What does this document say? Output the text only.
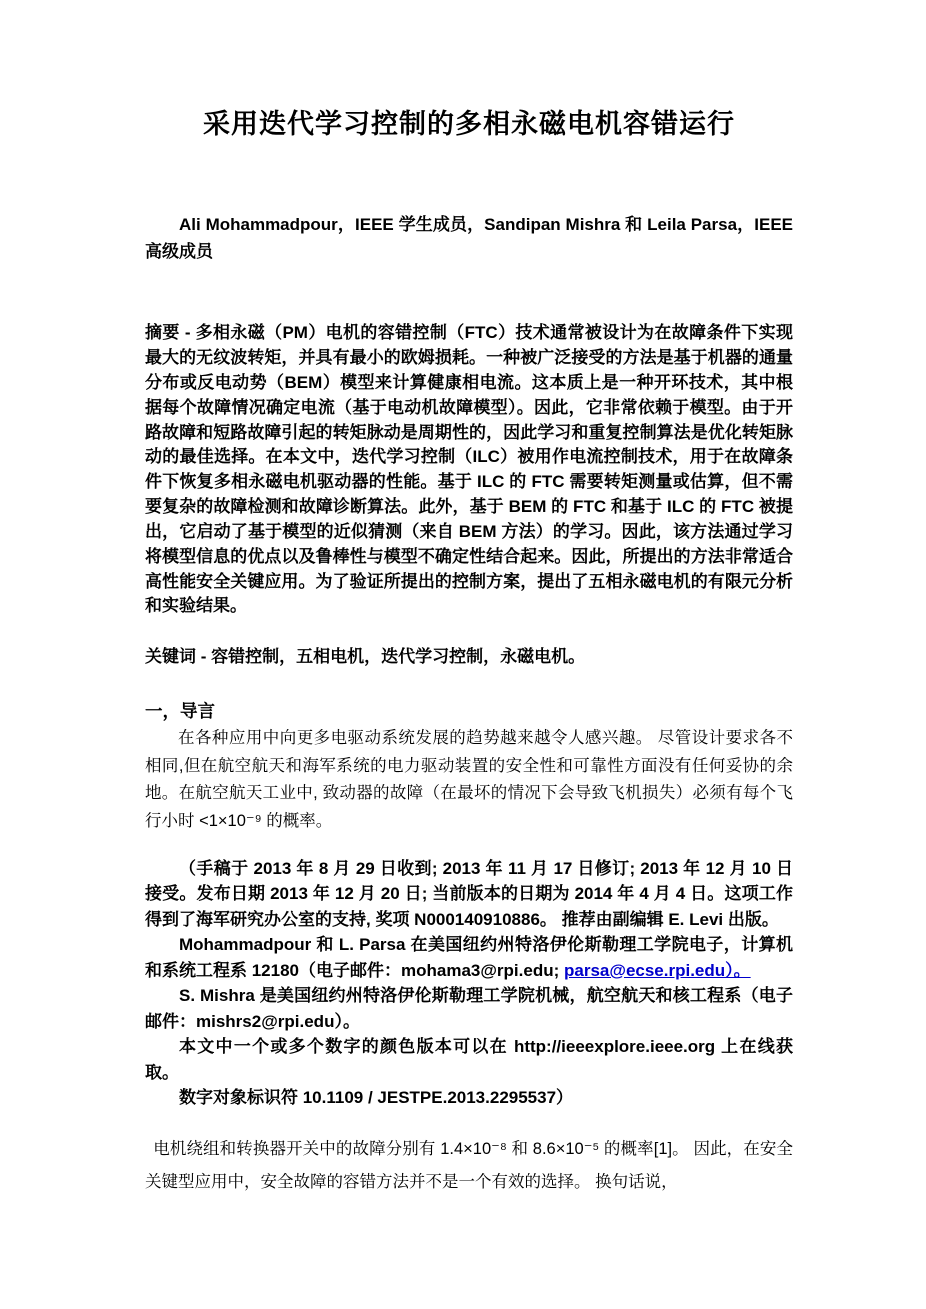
采用迭代学习控制的多相永磁电机容错运行

Ali Mohammadpour，IEEE 学生成员，Sandipan Mishra 和 Leila Parsa，IEEE 高级成员

摘要 - 多相永磁（PM）电机的容错控制（FTC）技术通常被设计为在故障条件下实现最大的无纹波转矩，并具有最小的欧姆损耗。一种被广泛接受的方法是基于机器的通量分布或反电动势（BEM）模型来计算健康相电流。这本质上是一种开环技术，其中根据每个故障情况确定电流（基于电动机故障模型）。因此，它非常依赖于模型。由于开路故障和短路故障引起的转矩脉动是周期性的，因此学习和重复控制算法是优化转矩脉动的最佳选择。在本文中，迭代学习控制（ILC）被用作电流控制技术，用于在故障条件下恢复多相永磁电机驱动器的性能。基于 ILC 的 FTC 需要转矩测量或估算，但不需要复杂的故障检测和故障诊断算法。此外，基于 BEM 的 FTC 和基于 ILC 的 FTC 被提出，它启动了基于模型的近似猜测（来自 BEM 方法）的学习。因此，该方法通过学习将模型信息的优点以及鲁棒性与模型不确定性结合起来。因此，所提出的方法非常适合高性能安全关键应用。为了验证所提出的控制方案，提出了五相永磁电机的有限元分析和实验结果。

关键词 - 容错控制，五相电机，迭代学习控制，永磁电机。

一，导言

在各种应用中向更多电驱动系统发展的趋势越来越令人感兴趣。 尽管设计要求各不相同,但在航空航天和海军系统的电力驱动装置的安全性和可靠性方面没有任何妥协的余地。在航空航天工业中, 致动器的故障（在最坏的情况下会导致飞机损失）必须有每个飞行小时 <1×10⁻⁹ 的概率。

（手稿于 2013 年 8 月 29 日收到; 2013 年 11 月 17 日修订; 2013 年 12 月 10 日接受。发布日期 2013 年 12 月 20 日; 当前版本的日期为 2014 年 4 月 4 日。这项工作得到了海军研究办公室的支持, 奖项 N000140910886。 推荐由副编辑 E. Levi 出版。

Mohammadpour 和 L. Parsa 在美国纽约州特洛伊伦斯勒理工学院电子，计算机和系统工程系 12180（电子邮件：mohama3@rpi.edu; parsa@ecse.rpi.edu）。

S. Mishra 是美国纽约州特洛伊伦斯勒理工学院机械，航空航天和核工程系（电子邮件：mishrs2@rpi.edu）。

本文中一个或多个数字的颜色版本可以在 http://ieeexplore.ieee.org 上在线获取。

数字对象标识符 10.1109 / JESTPE.2013.2295537）

电机绕组和转换器开关中的故障分别有 1.4×10⁻⁸ 和 8.6×10⁻⁵ 的概率[1]。 因此，在安全关键型应用中，安全故障的容错方法并不是一个有效的选择。 换句话说，
